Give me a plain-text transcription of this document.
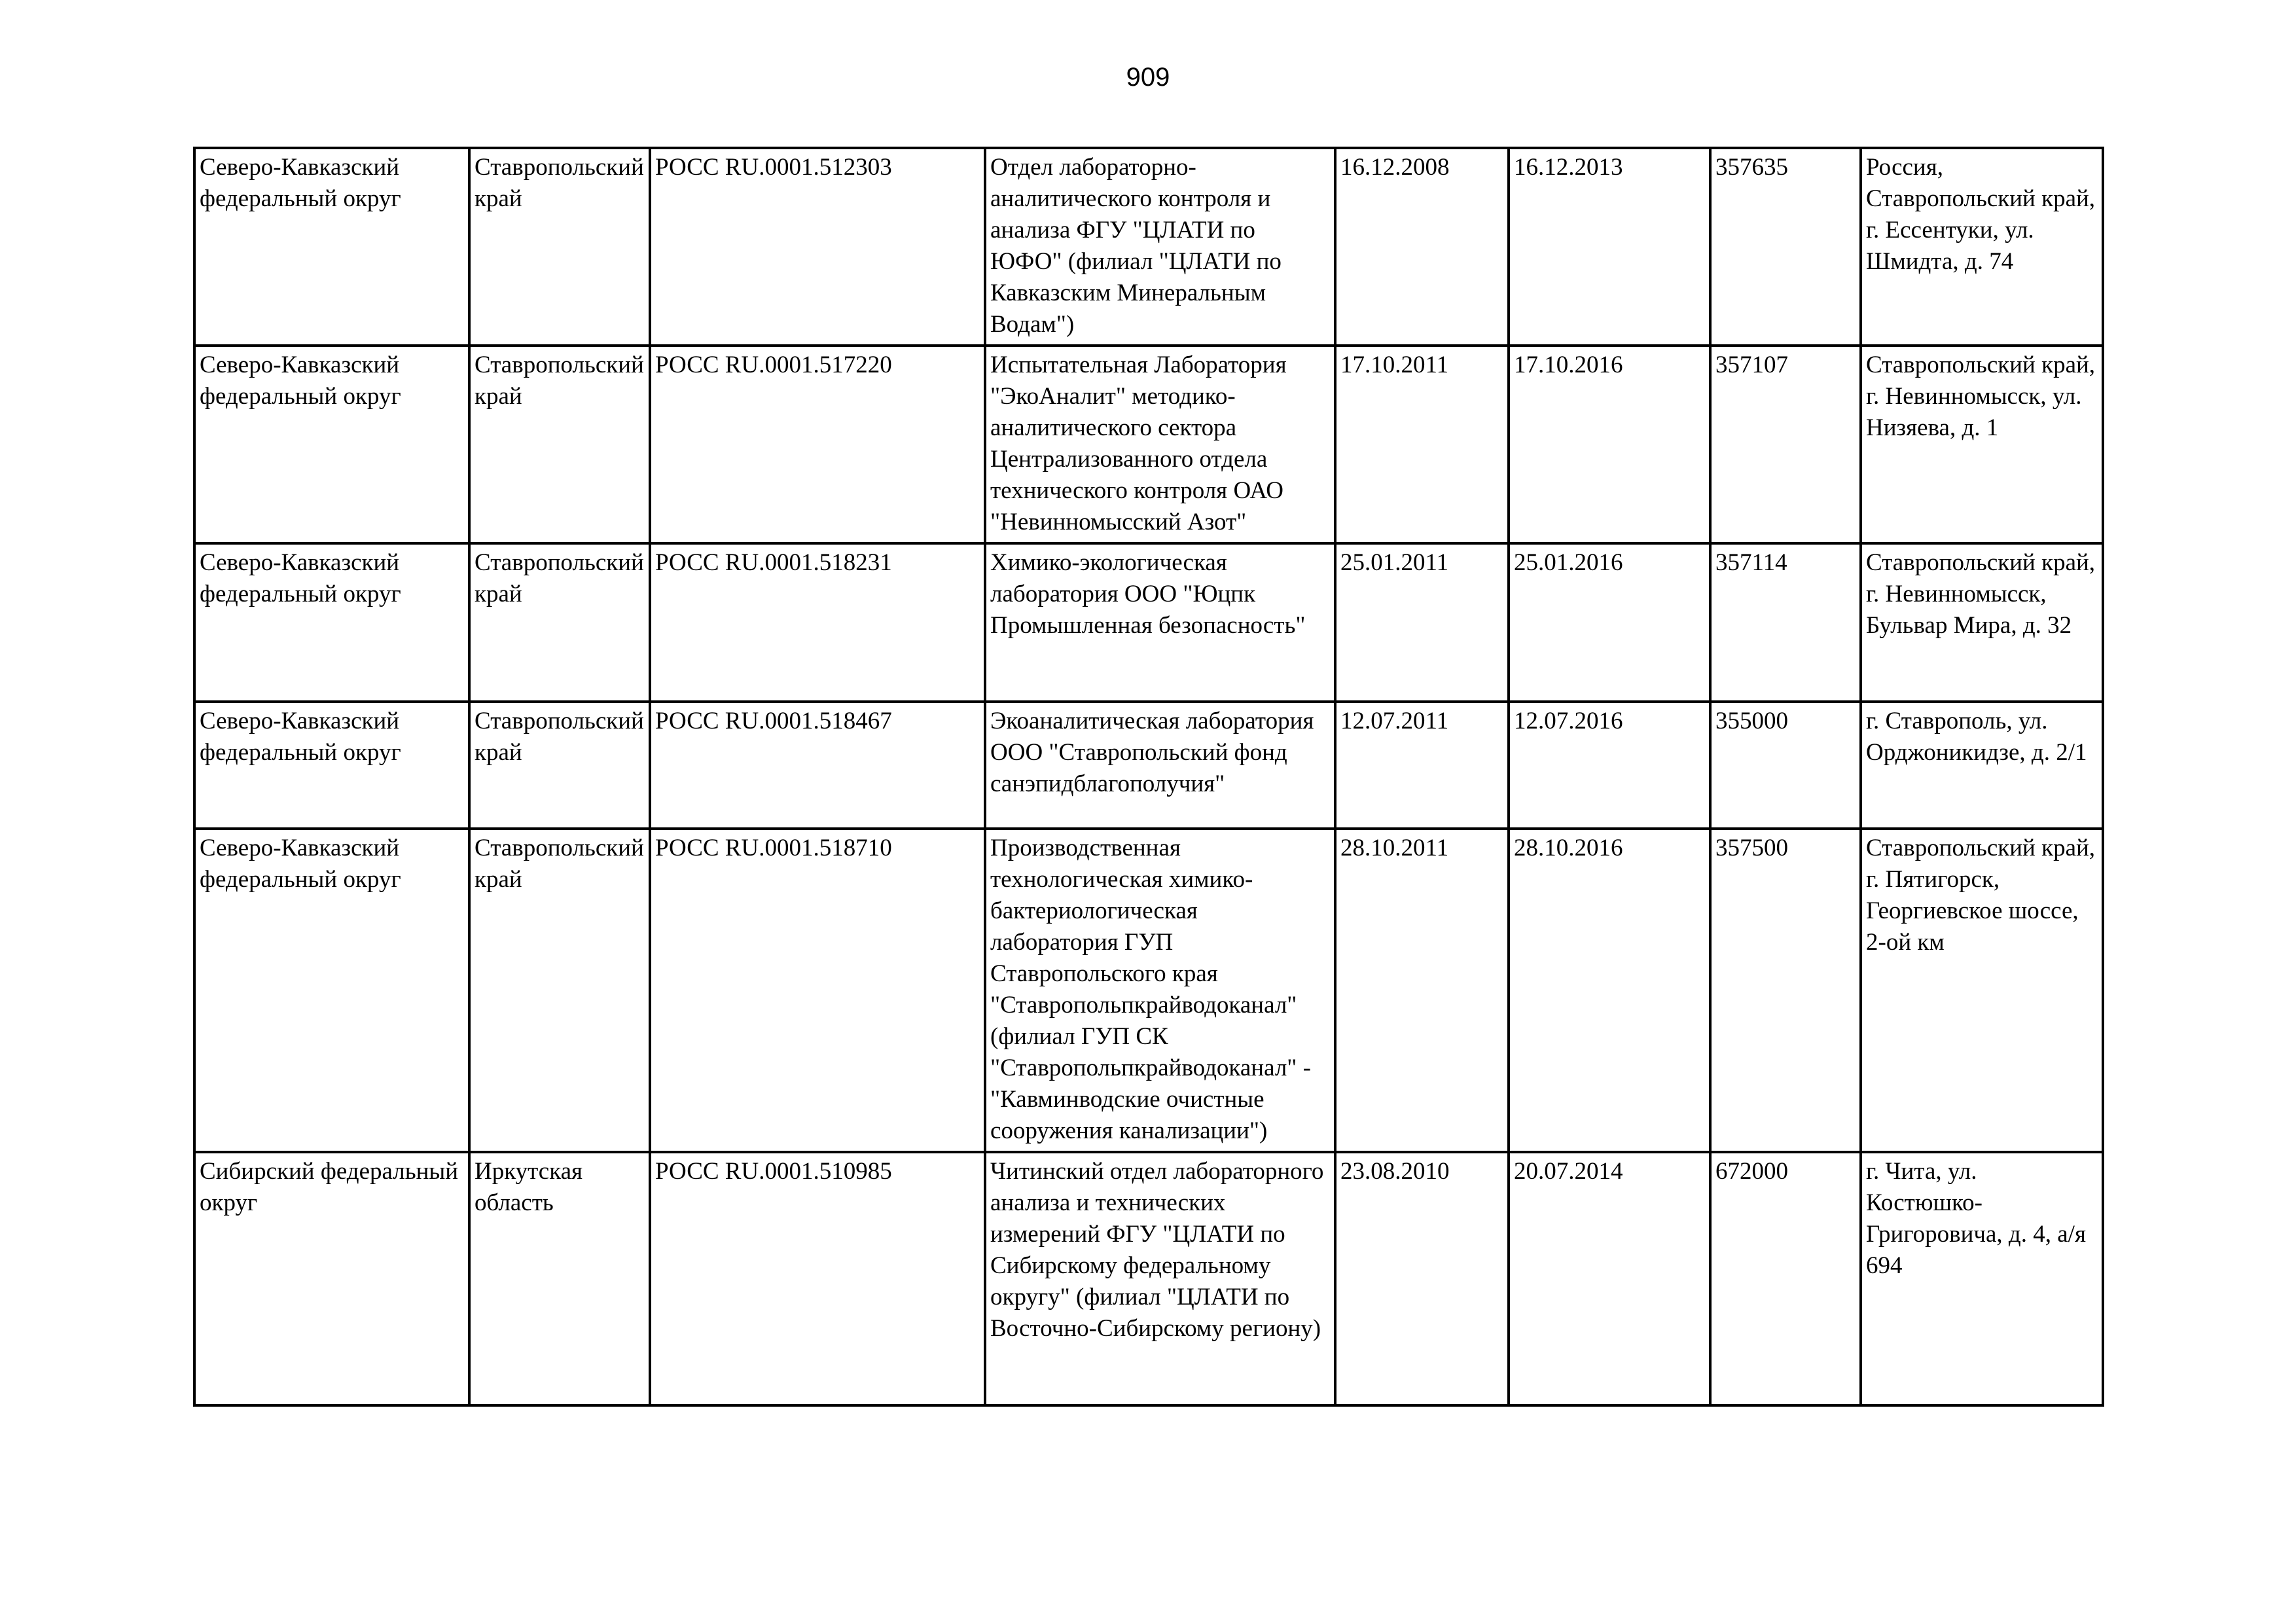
909
Северо-Кавказский федеральный округ	Ставропольский край	РОСС RU.0001.512303	Отдел лабораторно-аналитического контроля и анализа ФГУ "ЦЛАТИ по ЮФО" (филиал "ЦЛАТИ по Кавказским Минеральным Водам")	16.12.2008	16.12.2013	357635	Россия, Ставропольский край, г. Ессентуки, ул. Шмидта, д. 74
Северо-Кавказский федеральный округ	Ставропольский край	РОСС RU.0001.517220	Испытательная Лаборатория "ЭкоАналит" методико-аналитического сектора Централизованного отдела технического контроля ОАО "Невинномысский Азот"	17.10.2011	17.10.2016	357107	Ставропольский край, г. Невинномысск, ул. Низяева, д. 1
Северо-Кавказский федеральный округ	Ставропольский край	РОСС RU.0001.518231	Химико-экологическая лаборатория ООО "Юцпк Промышленная безопасность"	25.01.2011	25.01.2016	357114	Ставропольский край, г. Невинномысск, Бульвар Мира, д. 32
Северо-Кавказский федеральный округ	Ставропольский край	РОСС RU.0001.518467	Экоаналитическая лаборатория ООО "Ставропольский фонд санэпидблагополучия"	12.07.2011	12.07.2016	355000	г. Ставрополь, ул. Орджоникидзе, д. 2/1
Северо-Кавказский федеральный округ	Ставропольский край	РОСС RU.0001.518710	Производственная технологическая химико-бактериологическая лаборатория ГУП Ставропольского края "Ставропольпкрайводоканал" (филиал ГУП СК "Ставропольпкрайводоканал" - "Кавминводские очистные сооружения канализации")	28.10.2011	28.10.2016	357500	Ставропольский край, г. Пятигорск, Георгиевское шоссе, 2-ой км
Сибирский федеральный округ	Иркутская область	РОСС RU.0001.510985	Читинский отдел лабораторного анализа и технических измерений ФГУ "ЦЛАТИ по Сибирскому федеральному округу" (филиал "ЦЛАТИ по Восточно-Сибирскому региону)	23.08.2010	20.07.2014	672000	г. Чита, ул. Костюшко-Григоровича, д. 4, а/я 694
